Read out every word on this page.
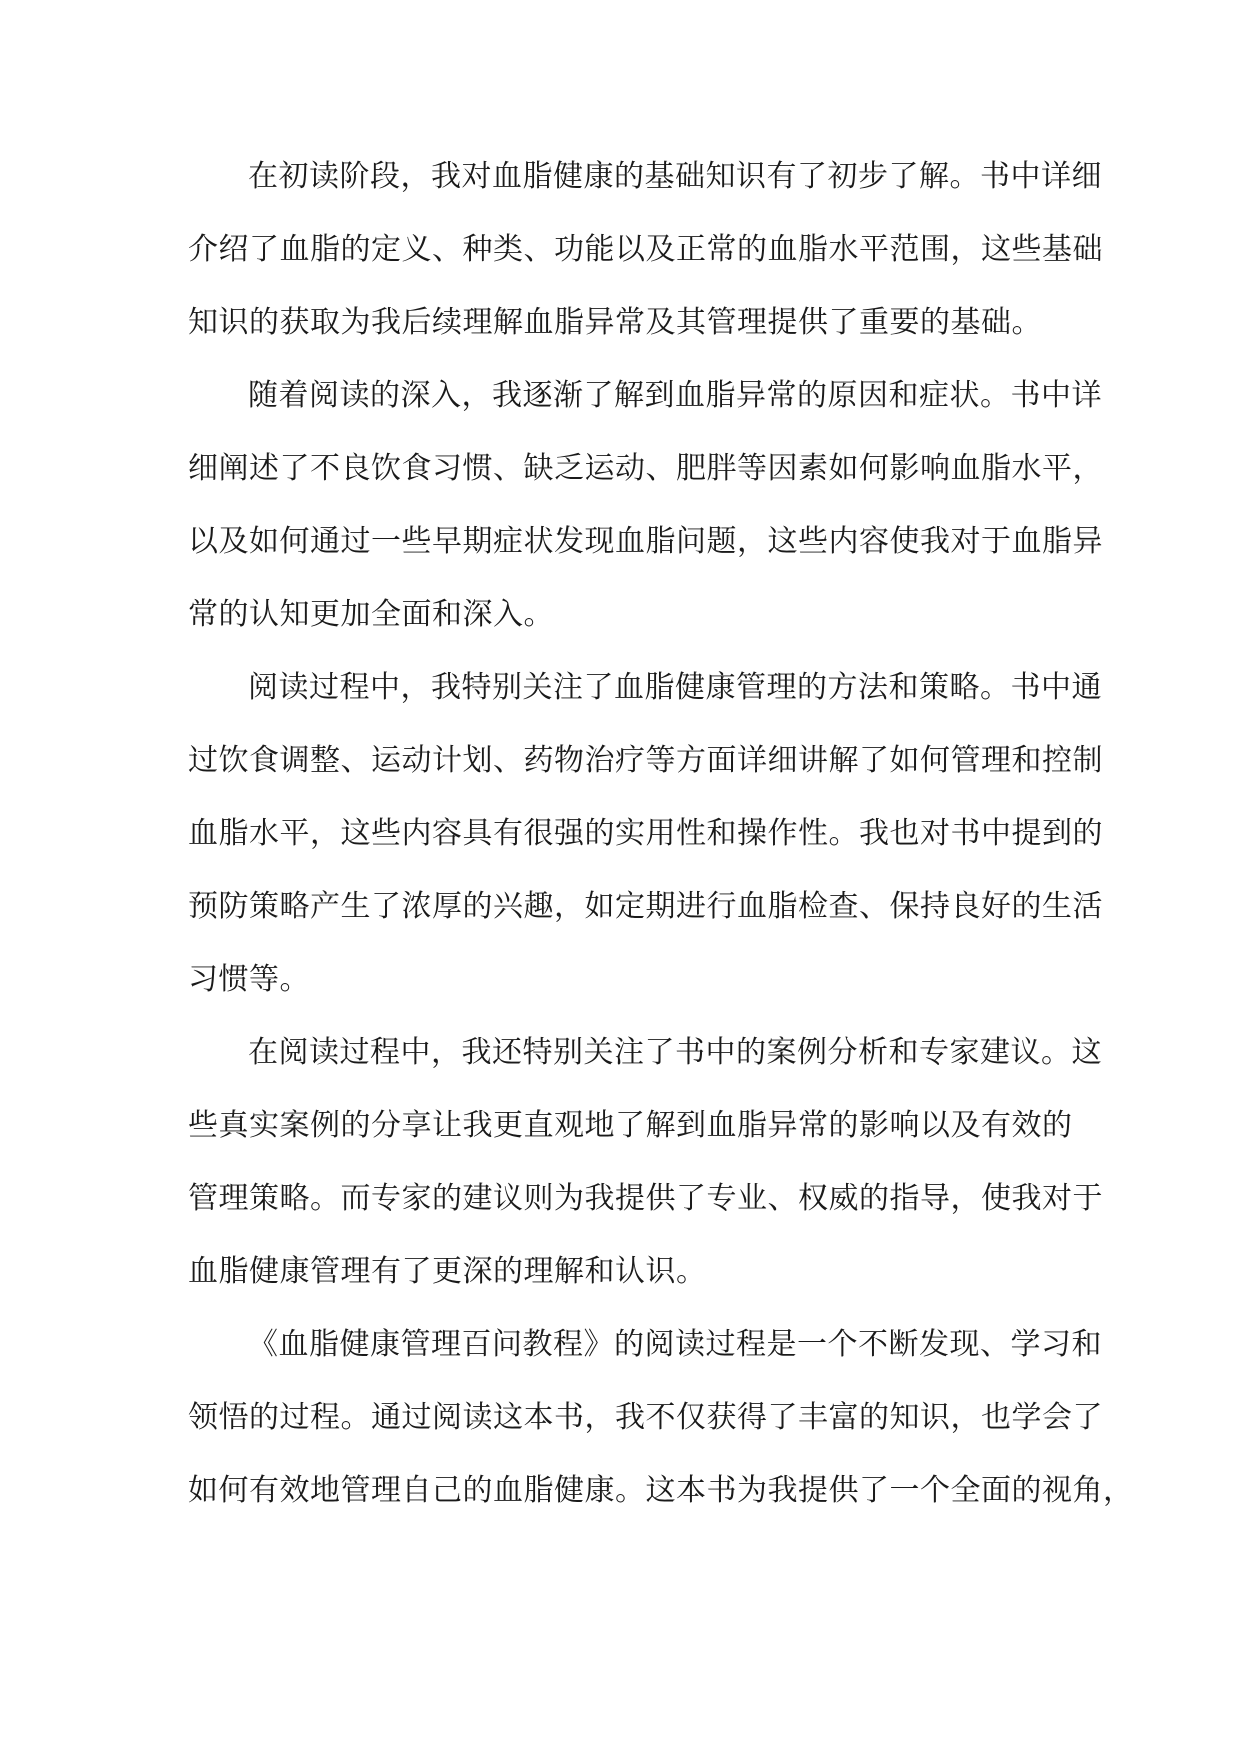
在初读阶段，我对血脂健康的基础知识有了初步了解。书中详细
介绍了血脂的定义、种类、功能以及正常的血脂水平范围，这些基础
知识的获取为我后续理解血脂异常及其管理提供了重要的基础。
随着阅读的深入，我逐渐了解到血脂异常的原因和症状。书中详
细阐述了不良饮食习惯、缺乏运动、肥胖等因素如何影响血脂水平，
以及如何通过一些早期症状发现血脂问题，这些内容使我对于血脂异
常的认知更加全面和深入。
阅读过程中，我特别关注了血脂健康管理的方法和策略。书中通
过饮食调整、运动计划、药物治疗等方面详细讲解了如何管理和控制
血脂水平，这些内容具有很强的实用性和操作性。我也对书中提到的
预防策略产生了浓厚的兴趣，如定期进行血脂检查、保持良好的生活
习惯等。
在阅读过程中，我还特别关注了书中的案例分析和专家建议。这
些真实案例的分享让我更直观地了解到血脂异常的影响以及有效的
管理策略。而专家的建议则为我提供了专业、权威的指导，使我对于
血脂健康管理有了更深的理解和认识。
《血脂健康管理百问教程》的阅读过程是一个不断发现、学习和
领悟的过程。通过阅读这本书，我不仅获得了丰富的知识，也学会了
如何有效地管理自己的血脂健康。这本书为我提供了一个全面的视角，
